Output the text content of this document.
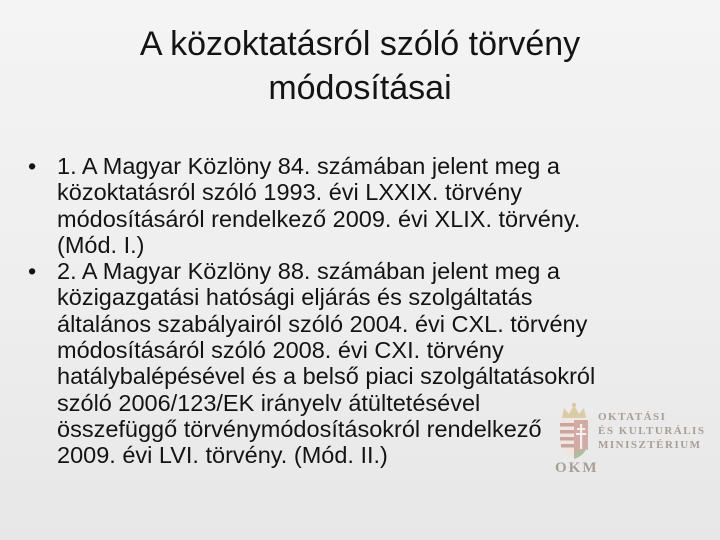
OKTATÁSI
ÉS KULTURÁLIS
MINISZTÉRIUM
OKM
A közoktatásról szóló törvény
módosításai
• 1. A Magyar Közlöny 84. számában jelent meg a
közoktatásról szóló 1993. évi LXXIX. törvény
módosításáról rendelkező 2009. évi XLIX. törvény.
(Mód. I.)
• 2. A Magyar Közlöny 88. számában jelent meg a
közigazgatási hatósági eljárás és szolgáltatás
általános szabályairól szóló 2004. évi CXL. törvény
módosításáról szóló 2008. évi CXI. törvény
hatálybalépésével és a belső piaci szolgáltatásokról
szóló 2006/123/EK irányelv átültetésével
összefüggő törvénymódosításokról rendelkező
2009. évi LVI. törvény. (Mód. II.)
